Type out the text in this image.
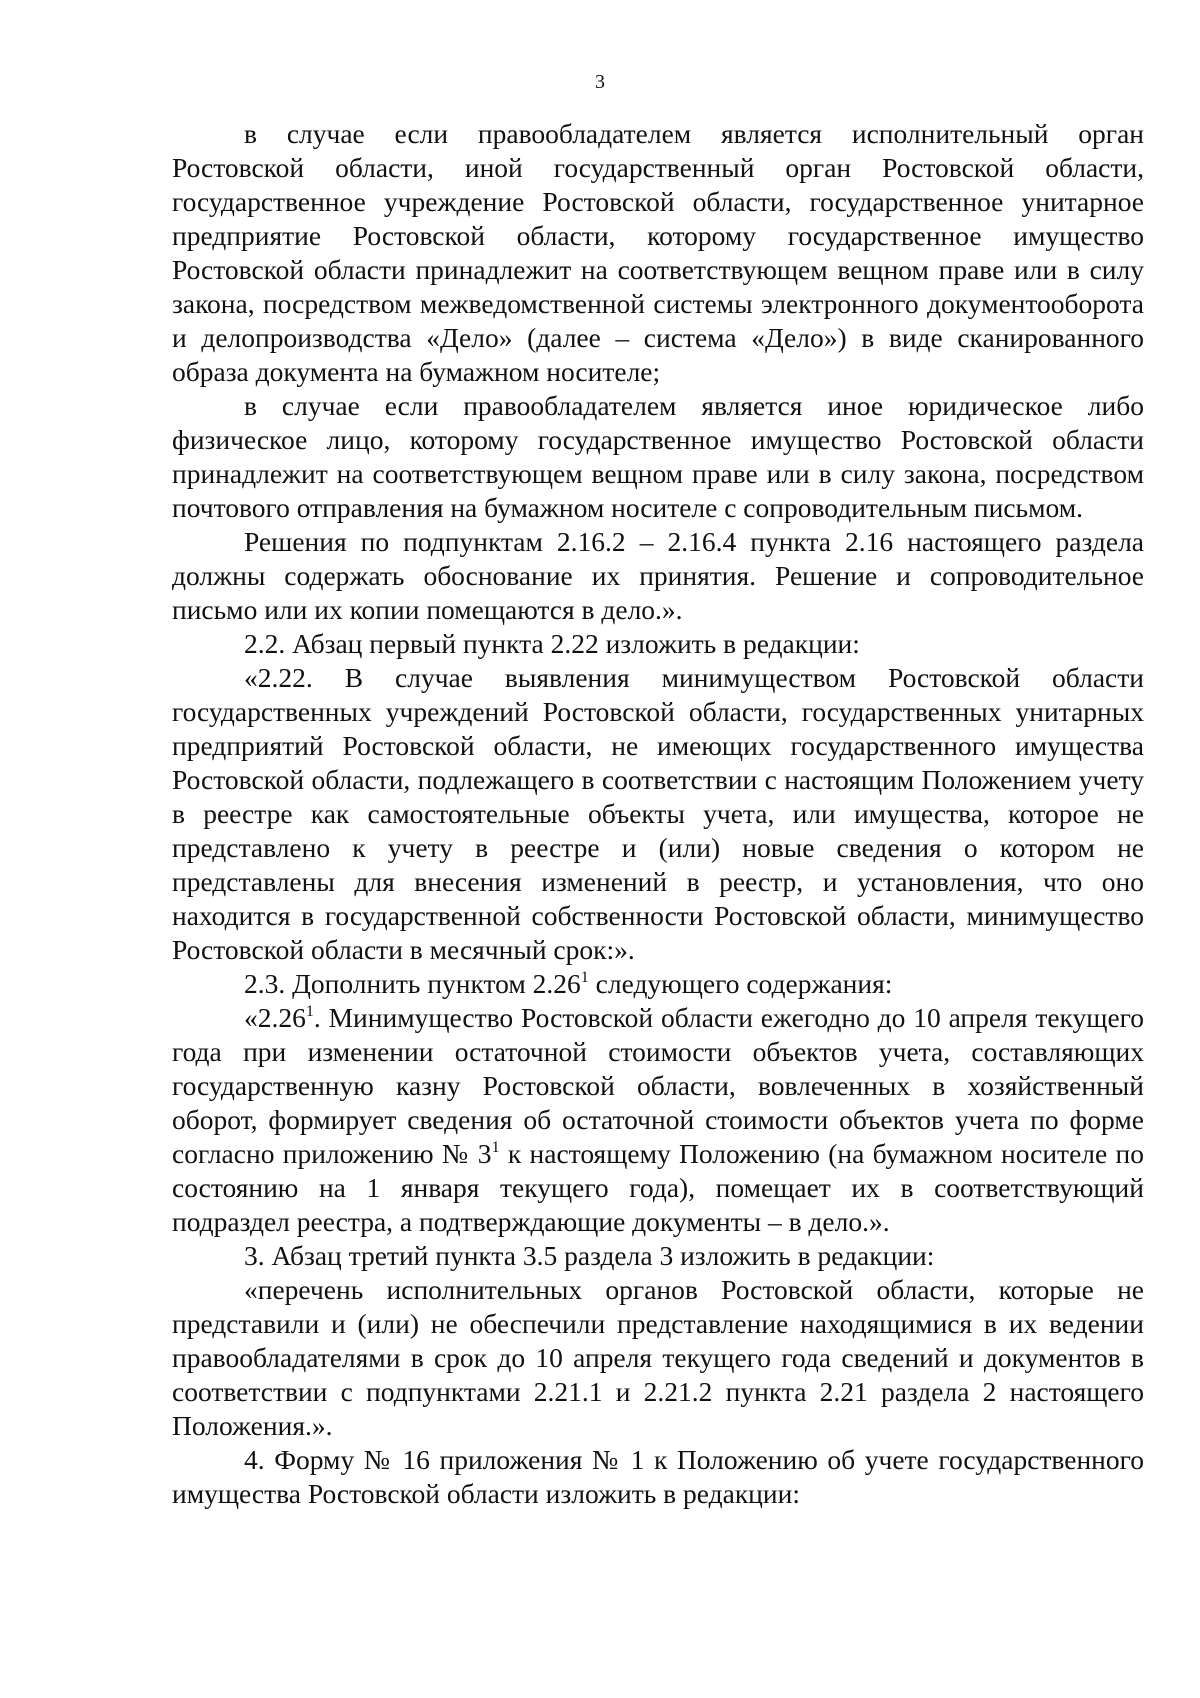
3

в случае если правообладателем является исполнительный орган Ростовской области, иной государственный орган Ростовской области, государственное учреждение Ростовской области, государственное унитарное предприятие Ростовской области, которому государственное имущество Ростовской области принадлежит на соответствующем вещном праве или в силу закона, посредством межведомственной системы электронного документооборота и делопроизводства «Дело» (далее – система «Дело») в виде сканированного образа документа на бумажном носителе;

в случае если правообладателем является иное юридическое либо физическое лицо, которому государственное имущество Ростовской области принадлежит на соответствующем вещном праве или в силу закона, посредством почтового отправления на бумажном носителе с сопроводительным письмом.

Решения по подпунктам 2.16.2 – 2.16.4 пункта 2.16 настоящего раздела должны содержать обоснование их принятия. Решение и сопроводительное письмо или их копии помещаются в дело.».

2.2. Абзац первый пункта 2.22 изложить в редакции:

«2.22. В случае выявления минимуществом Ростовской области государственных учреждений Ростовской области, государственных унитарных предприятий Ростовской области, не имеющих государственного имущества Ростовской области, подлежащего в соответствии с настоящим Положением учету в реестре как самостоятельные объекты учета, или имущества, которое не представлено к учету в реестре и (или) новые сведения о котором не представлены для внесения изменений в реестр, и установления, что оно находится в государственной собственности Ростовской области, минимущество Ростовской области в месячный срок:».

2.3. Дополнить пунктом 2.26$^1$ следующего содержания:

«2.26$^1$. Минимущество Ростовской области ежегодно до 10 апреля текущего года при изменении остаточной стоимости объектов учета, составляющих государственную казну Ростовской области, вовлеченных в хозяйственный оборот, формирует сведения об остаточной стоимости объектов учета по форме согласно приложению № $3^1$ к настоящему Положению (на бумажном носителе по состоянию на 1 января текущего года), помещает их в соответствующий подраздел реестра, а подтверждающие документы – в дело.».

3. Абзац третий пункта 3.5 раздела 3 изложить в редакции:

«перечень исполнительных органов Ростовской области, которые не представили и (или) не обеспечили представление находящимися в их ведении правообладателями в срок до 10 апреля текущего года сведений и документов в соответствии с подпунктами 2.21.1 и 2.21.2 пункта 2.21 раздела 2 настоящего Положения.».

4. Форму № 16 приложения № 1 к Положению об учете государственного имущества Ростовской области изложить в редакции:
